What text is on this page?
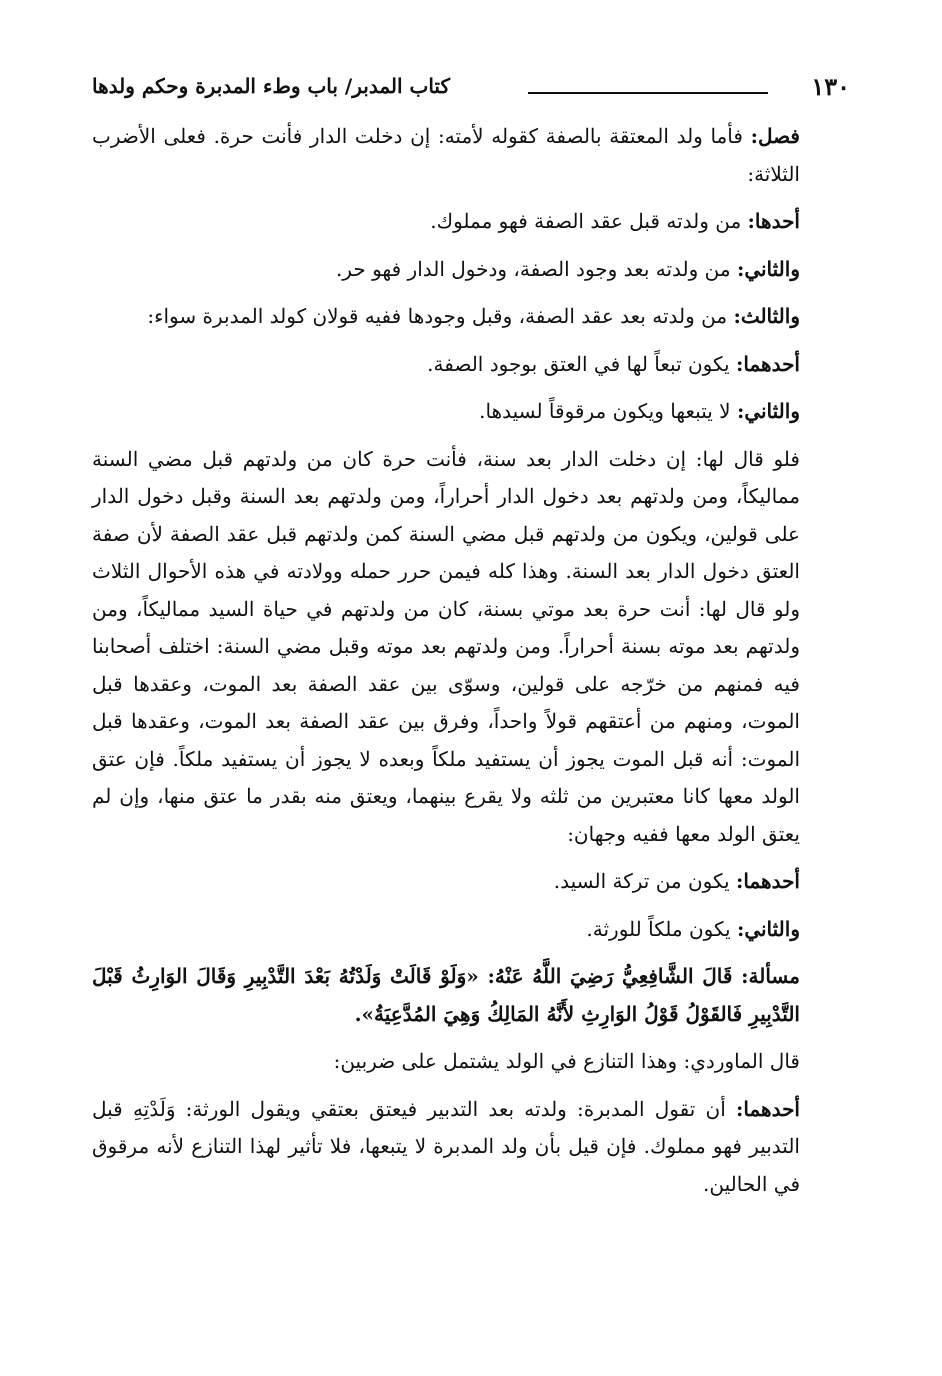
١٣٠
كتاب المدبر/ باب وطء المدبرة وحكم ولدها

فصل: فأما ولد المعتقة بالصفة كقوله لأمته: إن دخلت الدار فأنت حرة. فعلى الأضرب الثلاثة:

أحدها: من ولدته قبل عقد الصفة فهو مملوك.

والثاني: من ولدته بعد وجود الصفة، ودخول الدار فهو حر.

والثالث: من ولدته بعد عقد الصفة، وقبل وجودها ففيه قولان كولد المدبرة سواء:

أحدهما: يكون تبعاً لها في العتق بوجود الصفة.

والثاني: لا يتبعها ويكون مرقوقاً لسيدها.

فلو قال لها: إن دخلت الدار بعد سنة، فأنت حرة كان من ولدتهم قبل مضي السنة مماليكاً، ومن ولدتهم بعد دخول الدار أحراراً، ومن ولدتهم بعد السنة وقبل دخول الدار على قولين، ويكون من ولدتهم قبل مضي السنة كمن ولدتهم قبل عقد الصفة لأن صفة العتق دخول الدار بعد السنة. وهذا كله فيمن حرر حمله وولادته في هذه الأحوال الثلاث ولو قال لها: أنت حرة بعد موتي بسنة، كان من ولدتهم في حياة السيد مماليكاً، ومن ولدتهم بعد موته بسنة أحراراً. ومن ولدتهم بعد موته وقبل مضي السنة: اختلف أصحابنا فيه فمنهم من خرّجه على قولين، وسوّى بين عقد الصفة بعد الموت، وعقدها قبل الموت، ومنهم من أعتقهم قولاً واحداً، وفرق بين عقد الصفة بعد الموت، وعقدها قبل الموت: أنه قبل الموت يجوز أن يستفيد ملكاً وبعده لا يجوز أن يستفيد ملكاً. فإن عتق الولد معها كانا معتبرين من ثلثه ولا يقرع بينهما، ويعتق منه بقدر ما عتق منها، وإن لم يعتق الولد معها ففيه وجهان:

أحدهما: يكون من تركة السيد.

والثاني: يكون ملكاً للورثة.

مسألة: قَالَ الشَّافِعِيُّ رَضِيَ اللَّهُ عَنْهُ: «وَلَوْ قَالَتْ وَلَدْتُهُ بَعْدَ التَّدْبِيرِ وَقَالَ الوَارِثُ قَبْلَ التَّدْبِيرِ فَالقَوْلُ قَوْلُ الوَارِثِ لأَنَّهُ المَالِكُ وَهِيَ المُدَّعِيَةُ».

قال الماوردي: وهذا التنازع في الولد يشتمل على ضربين:

أحدهما: أن تقول المدبرة: ولدته بعد التدبير فيعتق بعتقي ويقول الورثة: وَلَدْتِهِ قبل التدبير فهو مملوك. فإن قيل بأن ولد المدبرة لا يتبعها، فلا تأثير لهذا التنازع لأنه مرقوق في الحالين.
